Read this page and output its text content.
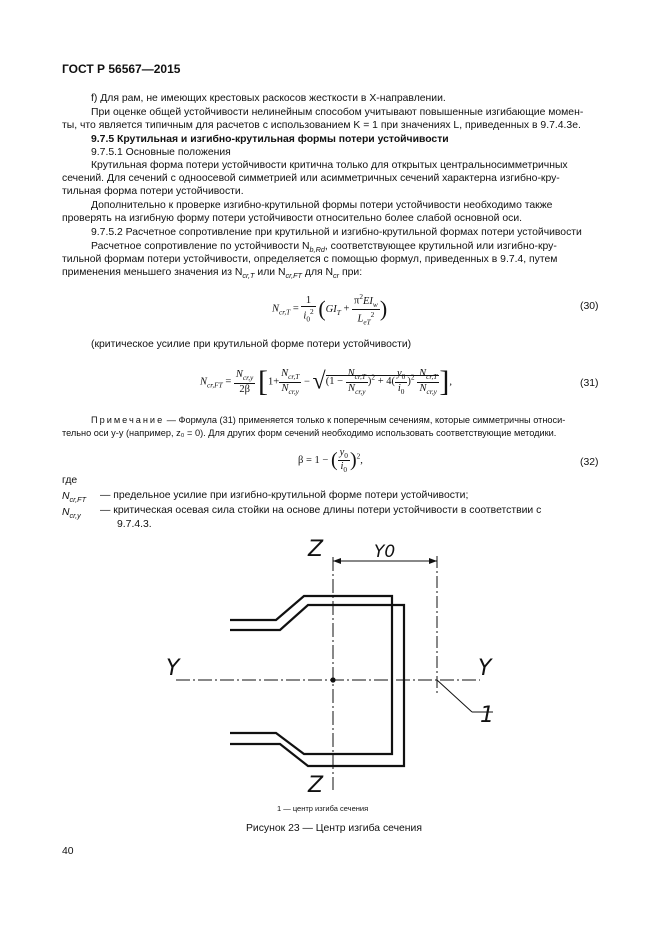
ГОСТ Р 56567—2015
f) Для рам, не имеющих крестовых раскосов жесткости в X-направлении.
При оценке общей устойчивости нелинейным способом учитывают повышенные изгибающие момен-
ты, что является типичным для расчетов с использованием K = 1 при значениях L, приведенных в 9.7.4.3е.
9.7.5 Крутильная и изгибно-крутильная формы потери устойчивости
9.7.5.1 Основные положения
Крутильная форма потери устойчивости критична только для открытых центральносимметричных
сечений. Для сечений с одноосевой симметрией или асимметричных сечений характерна изгибно-кру-
тильная форма потери устойчивости.
Дополнительно к проверке изгибно-крутильной формы потери устойчивости необходимо также
проверять на изгибную форму потери устойчивости относительно более слабой основной оси.
9.7.5.2 Расчетное сопротивление при крутильной и изгибно-крутильной формах потери устойчивости
Расчетное сопротивление по устойчивости $N_{b,Rd}$, соответствующее крутильной или изгибно-кру-
тильной формам потери устойчивости, определяется с помощью формул, приведенных в 9.7.4, путем
применения меньшего значения из $N_{cr,T}$ или $N_{cr,FT}$ для $N_{cr}$ при:
$N_{cr,T} = \frac{1}{i_0^2} (GI_T + \frac{\pi^2EI_w}{L_{eT}^2}$ )	(30)
(критическое усилие при крутильной форме потери устойчивости)
$N_{cr,FT} = \frac{N_{cr,y}}{2\beta} [1+ \frac{N_{cr,T}}{N_{cr,y}} - √(1 - \frac{N_{cr,T}}{N_{cr,y}} )^2 + 4( \frac{y_0}{i_0} )^2 \frac{N_{cr,T}}{N_{cr,y}}$ ],	(31)
Примечание — Формула (31) применяется только к поперечным сечениям, которые симметричны относи-
тельно оси y-y (например, z₀ = 0). Для других форм сечений необходимо использовать соответствующие методики.
β = 1 − ( $\frac{y_0}{i_0} )^2$,	(32)
где
$N_{cr,FT}$ — предельное усилие при изгибно-крутильной форме потери устойчивости;
$N_{cr,y}$ — критическая осевая сила стойки на основе длины потери устойчивости в соответствии с
9.7.4.3.
Z
Z
Y	Y
Y0
1
1 — центр изгиба сечения
Рисунок 23 — Центр изгиба сечения
40
